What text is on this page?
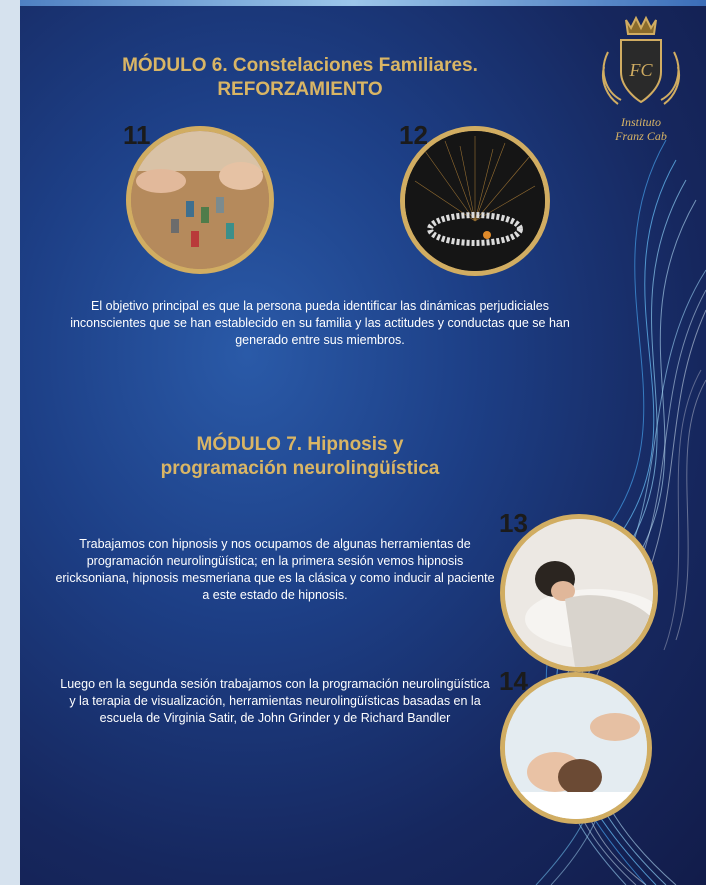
FC
Instituto
Franz Cab
MÓDULO 6. Constelaciones Familiares.
REFORZAMIENTO
11	12
El objetivo principal es que la persona pueda identificar las dinámicas perjudiciales inconscientes que se han establecido en su familia y las actitudes y conductas que se han generado entre sus miembros.
MÓDULO 7. Hipnosis y
programación neurolingüística
Trabajamos con hipnosis y nos ocupamos de algunas herramientas de programación neurolingüística; en la primera sesión vemos hipnosis ericksoniana, hipnosis mesmeriana que es la clásica y como inducir al paciente a este estado de hipnosis.
13
Luego en la segunda sesión trabajamos con la programación neurolingüística y la terapia de visualización, herramientas neurolingüísticas basadas en la escuela de Virginia Satir, de John Grinder y de Richard Bandler
14
